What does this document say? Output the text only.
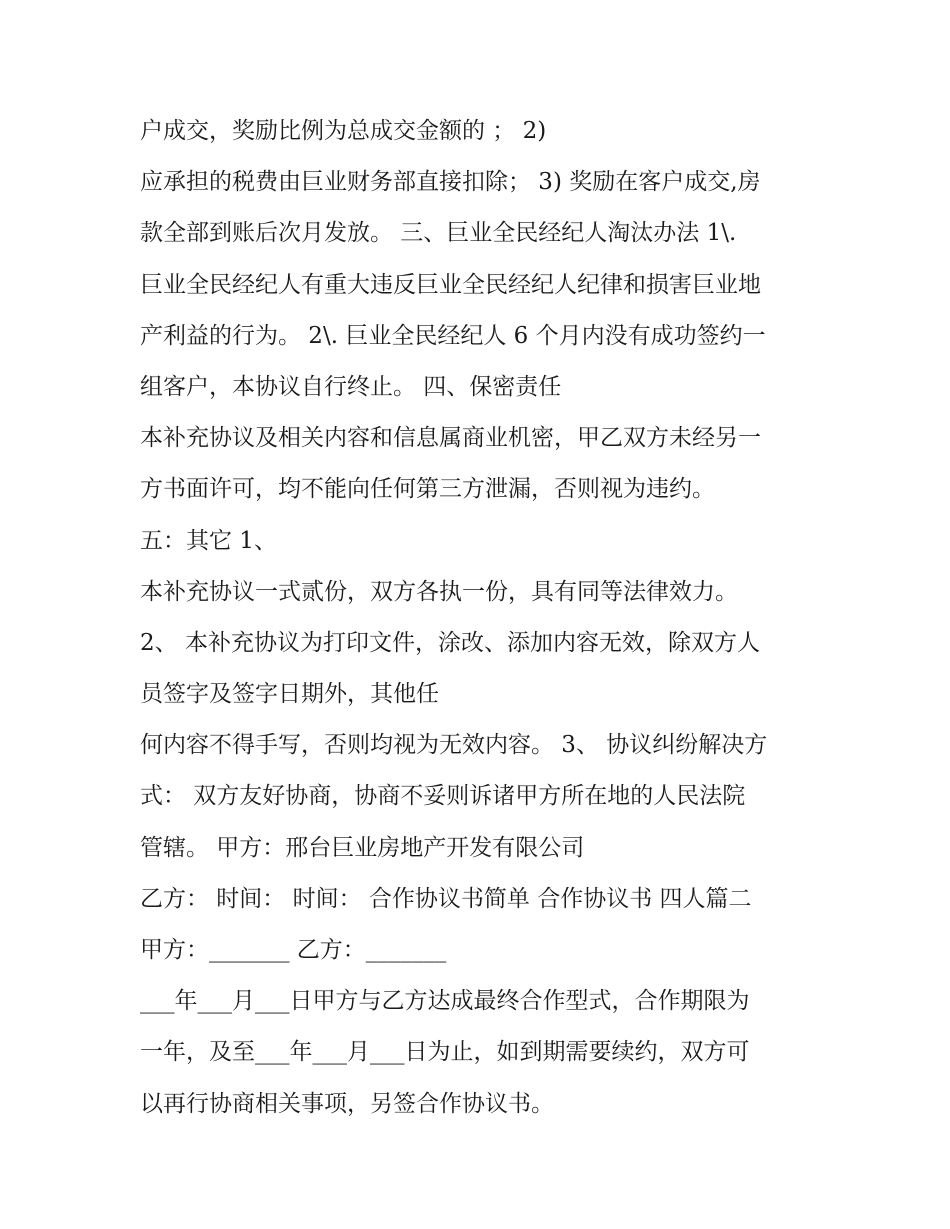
户成交，奖励比例为总成交金额的 ； 2)
应承担的税费由巨业财务部直接扣除； 3) 奖励在客户成交,房
款全部到账后次月发放。 三、巨业全民经纪人淘汰办法 1\.
巨业全民经纪人有重大违反巨业全民经纪人纪律和损害巨业地
产利益的行为。 2\. 巨业全民经纪人 6 个月内没有成功签约一
组客户，本协议自行终止。 四、保密责任
本补充协议及相关内容和信息属商业机密，甲乙双方未经另一
方书面许可，均不能向任何第三方泄漏，否则视为违约。
五：其它 1、
本补充协议一式贰份，双方各执一份，具有同等法律效力。
2、 本补充协议为打印文件，涂改、添加内容无效，除双方人
员签字及签字日期外，其他任
何内容不得手写，否则均视为无效内容。 3、 协议纠纷解决方
式： 双方友好协商，协商不妥则诉诸甲方所在地的人民法院
管辖。 甲方：邢台巨业房地产开发有限公司
乙方： 时间： 时间： 合作协议书简单 合作协议书 四人篇二
甲方：_______ 乙方：_______
___年___月___日甲方与乙方达成最终合作型式，合作期限为
一年，及至___年___月___日为止，如到期需要续约，双方可
以再行协商相关事项，另签合作协议书。
